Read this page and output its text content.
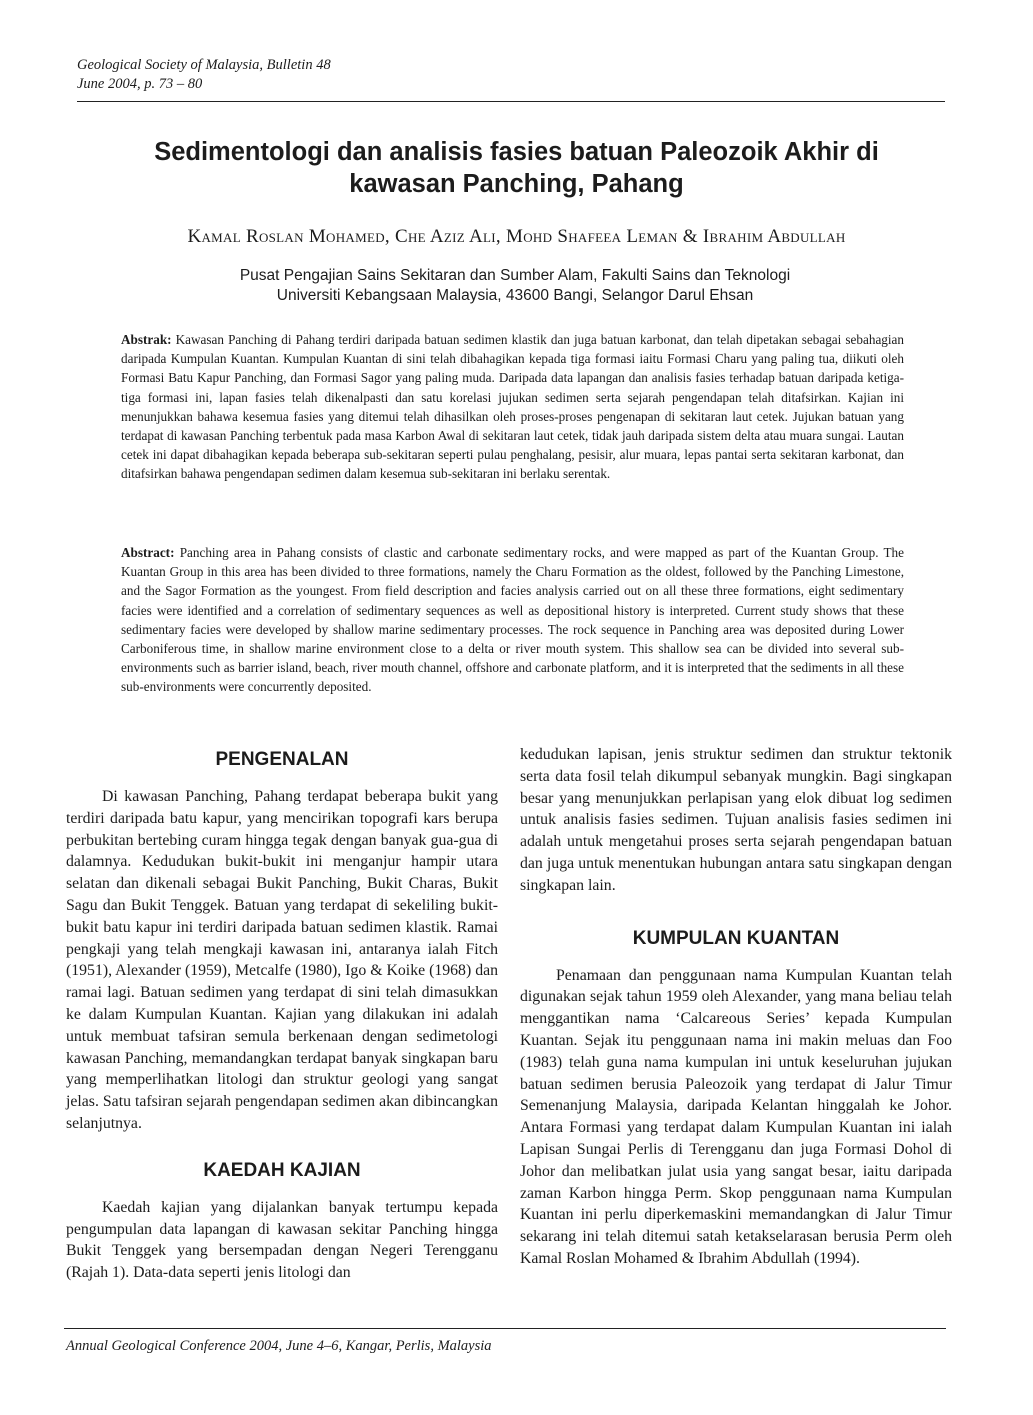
Geological Society of Malaysia, Bulletin 48
June 2004, p. 73 – 80
Sedimentologi dan analisis fasies batuan Paleozoik Akhir di
kawasan Panching, Pahang
Kamal Roslan Mohamed, Che Aziz Ali, Mohd Shafeea Leman & Ibrahim Abdullah
Pusat Pengajian Sains Sekitaran dan Sumber Alam, Fakulti Sains dan Teknologi
Universiti Kebangsaan Malaysia, 43600 Bangi, Selangor Darul Ehsan
Abstrak: Kawasan Panching di Pahang terdiri daripada batuan sedimen klastik dan juga batuan karbonat, dan telah dipetakan sebagai sebahagian daripada Kumpulan Kuantan. Kumpulan Kuantan di sini telah dibahagikan kepada tiga formasi iaitu Formasi Charu yang paling tua, diikuti oleh Formasi Batu Kapur Panching, dan Formasi Sagor yang paling muda. Daripada data lapangan dan analisis fasies terhadap batuan daripada ketiga-tiga formasi ini, lapan fasies telah dikenalpasti dan satu korelasi jujukan sedimen serta sejarah pengendapan telah ditafsirkan. Kajian ini menunjukkan bahawa kesemua fasies yang ditemui telah dihasilkan oleh proses-proses pengenapan di sekitaran laut cetek. Jujukan batuan yang terdapat di kawasan Panching terbentuk pada masa Karbon Awal di sekitaran laut cetek, tidak jauh daripada sistem delta atau muara sungai. Lautan cetek ini dapat dibahagikan kepada beberapa sub-sekitaran seperti pulau penghalang, pesisir, alur muara, lepas pantai serta sekitaran karbonat, dan ditafsirkan bahawa pengendapan sedimen dalam kesemua sub-sekitaran ini berlaku serentak.
Abstract: Panching area in Pahang consists of clastic and carbonate sedimentary rocks, and were mapped as part of the Kuantan Group. The Kuantan Group in this area has been divided to three formations, namely the Charu Formation as the oldest, followed by the Panching Limestone, and the Sagor Formation as the youngest. From field description and facies analysis carried out on all these three formations, eight sedimentary facies were identified and a correlation of sedimentary sequences as well as depositional history is interpreted. Current study shows that these sedimentary facies were developed by shallow marine sedimentary processes. The rock sequence in Panching area was deposited during Lower Carboniferous time, in shallow marine environment close to a delta or river mouth system. This shallow sea can be divided into several sub-environments such as barrier island, beach, river mouth channel, offshore and carbonate platform, and it is interpreted that the sediments in all these sub-environments were concurrently deposited.
PENGENALAN

Di kawasan Panching, Pahang terdapat beberapa bukit yang terdiri daripada batu kapur, yang mencirikan topografi kars berupa perbukitan bertebing curam hingga tegak dengan banyak gua-gua di dalamnya. Kedudukan bukit-bukit ini menganjur hampir utara selatan dan dikenali sebagai Bukit Panching, Bukit Charas, Bukit Sagu dan Bukit Tenggek. Batuan yang terdapat di sekeliling bukit-bukit batu kapur ini terdiri daripada batuan sedimen klastik. Ramai pengkaji yang telah mengkaji kawasan ini, antaranya ialah Fitch (1951), Alexander (1959), Metcalfe (1980), Igo & Koike (1968) dan ramai lagi. Batuan sedimen yang terdapat di sini telah dimasukkan ke dalam Kumpulan Kuantan. Kajian yang dilakukan ini adalah untuk membuat tafsiran semula berkenaan dengan sedimetologi kawasan Panching, memandangkan terdapat banyak singkapan baru yang memperlihatkan litologi dan struktur geologi yang sangat jelas. Satu tafsiran sejarah pengendapan sedimen akan dibincangkan selanjutnya.

KAEDAH KAJIAN

Kaedah kajian yang dijalankan banyak tertumpu kepada pengumpulan data lapangan di kawasan sekitar Panching hingga Bukit Tenggek yang bersempadan dengan Negeri Terengganu (Rajah 1). Data-data seperti jenis litologi dan

kedudukan lapisan, jenis struktur sedimen dan struktur tektonik serta data fosil telah dikumpul sebanyak mungkin. Bagi singkapan besar yang menunjukkan perlapisan yang elok dibuat log sedimen untuk analisis fasies sedimen. Tujuan analisis fasies sedimen ini adalah untuk mengetahui proses serta sejarah pengendapan batuan dan juga untuk menentukan hubungan antara satu singkapan dengan singkapan lain.

KUMPULAN KUANTAN

Penamaan dan penggunaan nama Kumpulan Kuantan telah digunakan sejak tahun 1959 oleh Alexander, yang mana beliau telah menggantikan nama ‘Calcareous Series’ kepada Kumpulan Kuantan. Sejak itu penggunaan nama ini makin meluas dan Foo (1983) telah guna nama kumpulan ini untuk keseluruhan jujukan batuan sedimen berusia Paleozoik yang terdapat di Jalur Timur Semenanjung Malaysia, daripada Kelantan hinggalah ke Johor. Antara Formasi yang terdapat dalam Kumpulan Kuantan ini ialah Lapisan Sungai Perlis di Terengganu dan juga Formasi Dohol di Johor dan melibatkan julat usia yang sangat besar, iaitu daripada zaman Karbon hingga Perm. Skop penggunaan nama Kumpulan Kuantan ini perlu diperkemaskini memandangkan di Jalur Timur sekarang ini telah ditemui satah ketakselarasan berusia Perm oleh Kamal Roslan Mohamed & Ibrahim Abdullah (1994).

Annual Geological Conference 2004, June 4–6, Kangar, Perlis, Malaysia
